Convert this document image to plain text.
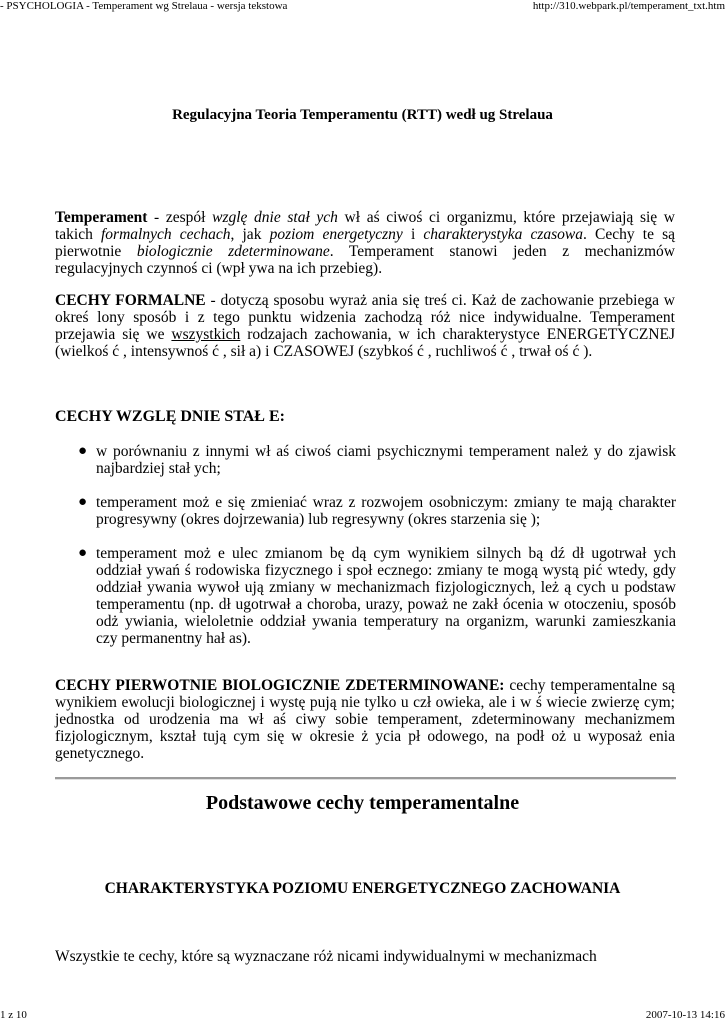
- PSYCHOLOGIA - Temperament wg Strelaua - wersja tekstowa	http://310.webpark.pl/temperament_txt.htm
Regulacyjna Teoria Temperamentu (RTT) wedł ug Strelaua
Temperament - zespół wzglę dnie stał ych wł aś ciwoś ci organizmu, które przejawiają się w takich formalnych cechach, jak poziom energetyczny i charakterystyka czasowa. Cechy te są pierwotnie biologicznie zdeterminowane. Temperament stanowi jeden z mechanizmów regulacyjnych czynnoś ci (wpł ywa na ich przebieg).
CECHY FORMALNE - dotyczą sposobu wyraż ania się treś ci. Każ de zachowanie przebiega w okreś lony sposób i z tego punktu widzenia zachodzą róż nice indywidualne. Temperament przejawia się we wszystkich rodzajach zachowania, w ich charakterystyce ENERGETYCZNEJ (wielkoś ć , intensywnoś ć , sił a) i CZASOWEJ (szybkoś ć , ruchliwoś ć , trwał oś ć ).
CECHY WZGLĘ DNIE STAŁ E:
● w porównaniu z innymi wł aś ciwoś ciami psychicznymi temperament należ y do zjawisk najbardziej stał ych;
● temperament moż e się zmieniać wraz z rozwojem osobniczym: zmiany te mają charakter progresywny (okres dojrzewania) lub regresywny (okres starzenia się );
● temperament moż e ulec zmianom bę dą cym wynikiem silnych bą dź dł ugotrwał ych oddział ywań ś rodowiska fizycznego i społ ecznego: zmiany te mogą wystą pić wtedy, gdy oddział ywania wywoł ują zmiany w mechanizmach fizjologicznych, leż ą cych u podstaw temperamentu (np. dł ugotrwał a choroba, urazy, poważ ne zakł ócenia w otoczeniu, sposób odż ywiania, wieloletnie oddział ywania temperatury na organizm, warunki zamieszkania czy permanentny hał as).
CECHY PIERWOTNIE BIOLOGICZNIE ZDETERMINOWANE: cechy temperamentalne są wynikiem ewolucji biologicznej i wystę pują nie tylko u czł owieka, ale i w ś wiecie zwierzę cym; jednostka od urodzenia ma wł aś ciwy sobie temperament, zdeterminowany mechanizmem fizjologicznym, kształ tują cym się w okresie ż ycia pł odowego, na podł oż u wyposaż enia genetycznego.
Podstawowe cechy temperamentalne
CHARAKTERYSTYKA POZIOMU ENERGETYCZNEGO ZACHOWANIA
Wszystkie te cechy, które są wyznaczane róż nicami indywidualnymi w mechanizmach
1 z 10	2007-10-13 14:16
